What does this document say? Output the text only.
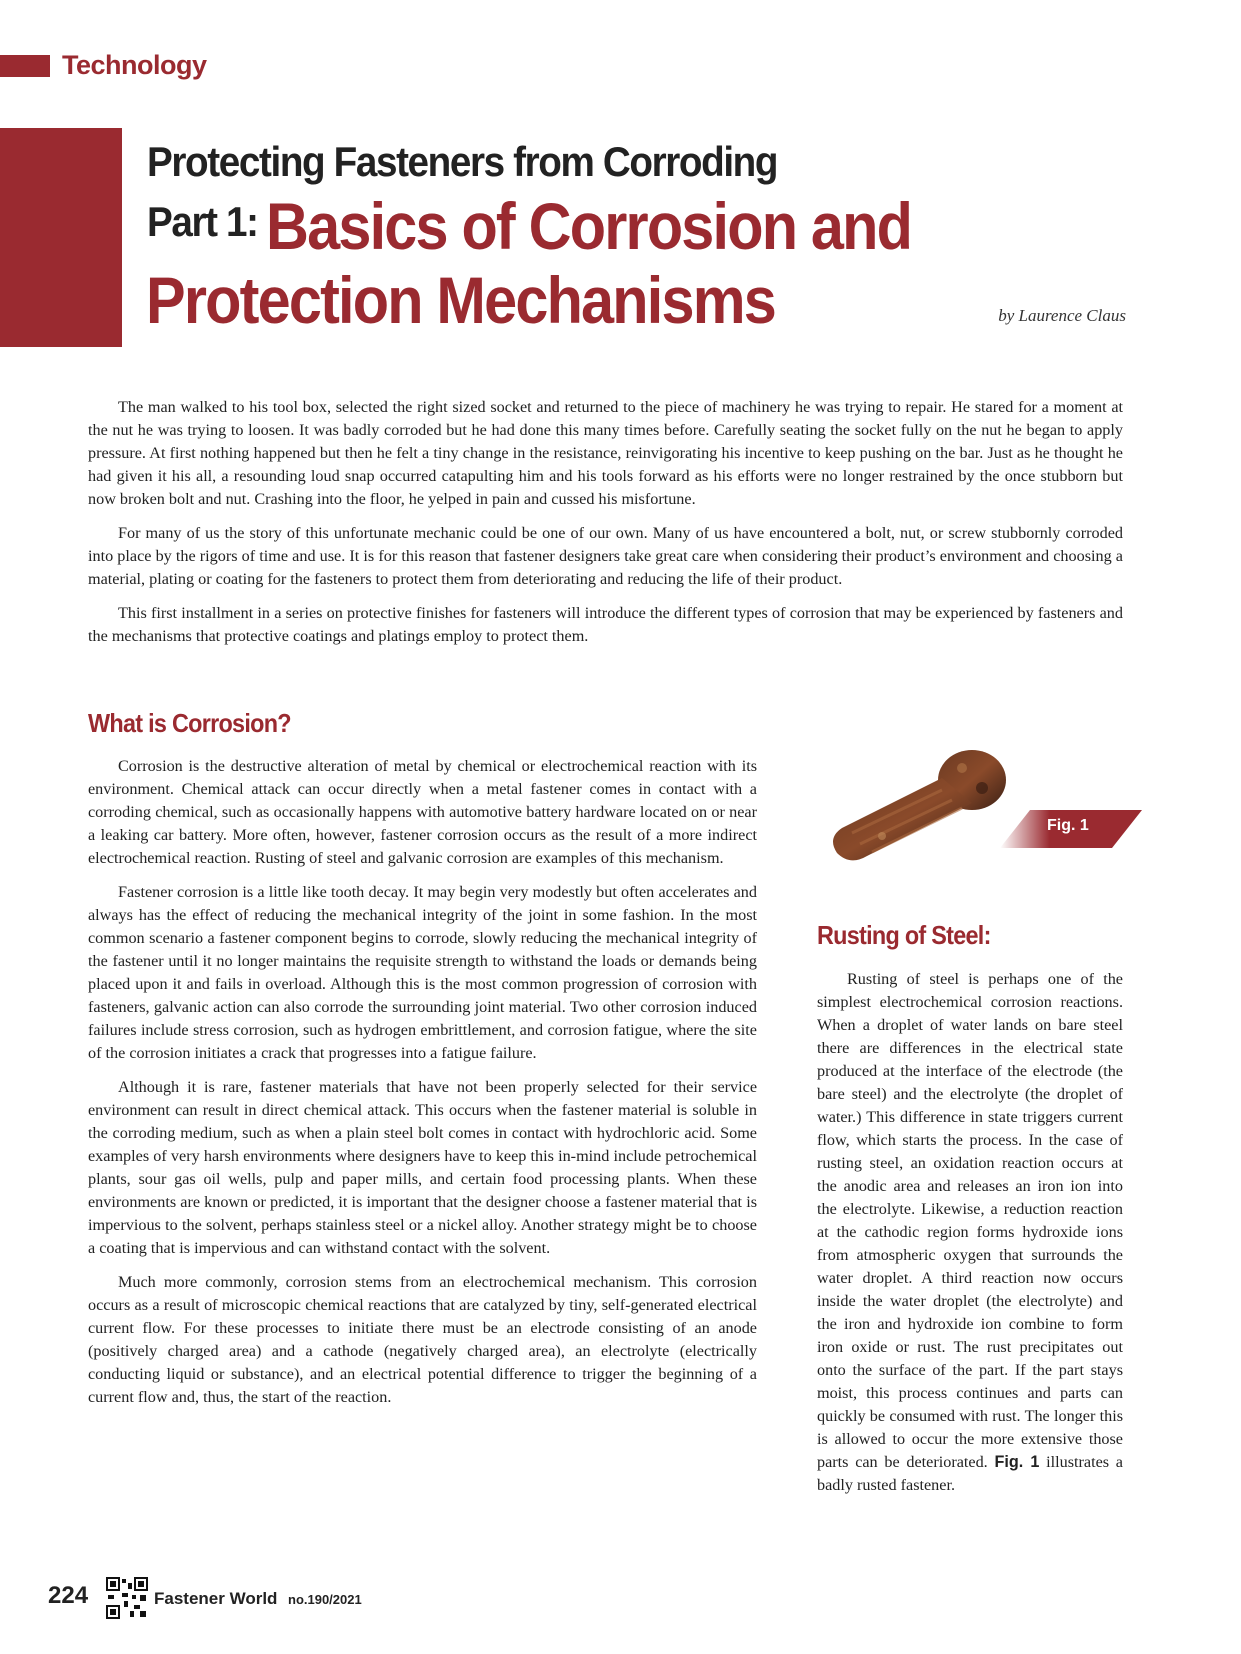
Technology
Protecting Fasteners from Corroding
Part 1: Basics of Corrosion and
Protection Mechanisms	by Laurence Claus

The man walked to his tool box, selected the right sized socket and returned to the piece of machinery he was trying to repair. He stared for a moment at the nut he was trying to loosen. It was badly corroded but he had done this many times before. Carefully seating the socket fully on the nut he began to apply pressure. At first nothing happened but then he felt a tiny change in the resistance, reinvigorating his incentive to keep pushing on the bar. Just as he thought he had given it his all, a resounding loud snap occurred catapulting him and his tools forward as his efforts were no longer restrained by the once stubborn but now broken bolt and nut. Crashing into the floor, he yelped in pain and cussed his misfortune.

For many of us the story of this unfortunate mechanic could be one of our own. Many of us have encountered a bolt, nut, or screw stubbornly corroded into place by the rigors of time and use. It is for this reason that fastener designers take great care when considering their product’s environment and choosing a material, plating or coating for the fasteners to protect them from deteriorating and reducing the life of their product.

This first installment in a series on protective finishes for fasteners will introduce the different types of corrosion that may be experienced by fasteners and the mechanisms that protective coatings and platings employ to protect them.

What is Corrosion?

Corrosion is the destructive alteration of metal by chemical or electrochemical reaction with its environment. Chemical attack can occur directly when a metal fastener comes in contact with a corroding chemical, such as occasionally happens with automotive battery hardware located on or near a leaking car battery. More often, however, fastener corrosion occurs as the result of a more indirect electrochemical reaction. Rusting of steel and galvanic corrosion are examples of this mechanism.

Fastener corrosion is a little like tooth decay. It may begin very modestly but often accelerates and always has the effect of reducing the mechanical integrity of the joint in some fashion. In the most common scenario a fastener component begins to corrode, slowly reducing the mechanical integrity of the fastener until it no longer maintains the requisite strength to withstand the loads or demands being placed upon it and fails in overload. Although this is the most common progression of corrosion with fasteners, galvanic action can also corrode the surrounding joint material. Two other corrosion induced failures include stress corrosion, such as hydrogen embrittlement, and corrosion fatigue, where the site of the corrosion initiates a crack that progresses into a fatigue failure.

Although it is rare, fastener materials that have not been properly selected for their service environment can result in direct chemical attack. This occurs when the fastener material is soluble in the corroding medium, such as when a plain steel bolt comes in contact with hydrochloric acid. Some examples of very harsh environments where designers have to keep this in-mind include petrochemical plants, sour gas oil wells, pulp and paper mills, and certain food processing plants. When these environments are known or predicted, it is important that the designer choose a fastener material that is impervious to the solvent, perhaps stainless steel or a nickel alloy. Another strategy might be to choose a coating that is impervious and can withstand contact with the solvent.

Much more commonly, corrosion stems from an electrochemical mechanism. This corrosion occurs as a result of microscopic chemical reactions that are catalyzed by tiny, self-generated electrical current flow. For these processes to initiate there must be an electrode consisting of an anode (positively charged area) and a cathode (negatively charged area), an electrolyte (electrically conducting liquid or substance), and an electrical potential difference to trigger the beginning of a current flow and, thus, the start of the reaction.

Fig. 1
Rusting of Steel:

Rusting of steel is perhaps one of the simplest electrochemical corrosion reactions. When a droplet of water lands on bare steel there are differences in the electrical state produced at the interface of the electrode (the bare steel) and the electrolyte (the droplet of water.) This difference in state triggers current flow, which starts the process. In the case of rusting steel, an oxidation reaction occurs at the anodic area and releases an iron ion into the electrolyte. Likewise, a reduction reaction at the cathodic region forms hydroxide ions from atmospheric oxygen that surrounds the water droplet. A third reaction now occurs inside the water droplet (the electrolyte) and the iron and hydroxide ion combine to form iron oxide or rust. The rust precipitates out onto the surface of the part. If the part stays moist, this process continues and parts can quickly be consumed with rust. The longer this is allowed to occur the more extensive those parts can be deteriorated. Fig. 1 illustrates a badly rusted fastener.

224	Fastener World no.190/2021
